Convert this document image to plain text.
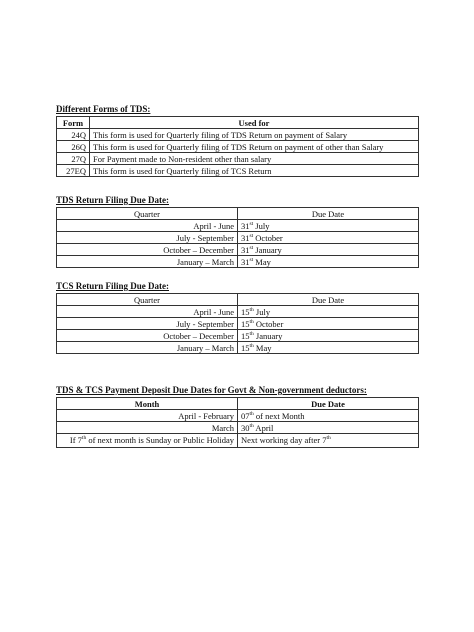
Different Forms of TDS:
Form	Used for
24Q	This form is used for Quarterly filing of TDS Return on payment of Salary
26Q	This form is used for Quarterly filing of TDS Return on payment of other than Salary
27Q	For Payment made to Non-resident other than salary
27EQ	This form is used for Quarterly filing of TCS Return
TDS Return Filing Due Date:
Quarter	Due Date
April - June	31st July
July - September	31st October
October – December	31st January
January – March	31st May
TCS Return Filing Due Date:
Quarter	Due Date
April - June	15th July
July - September	15th October
October – December	15th January
January – March	15th May
TDS & TCS Payment Deposit Due Dates for Govt & Non-government deductors:
Month	Due Date
April - February	07th of next Month
March	30th April
If 7th of next month is Sunday or Public Holiday	Next working day after 7th
